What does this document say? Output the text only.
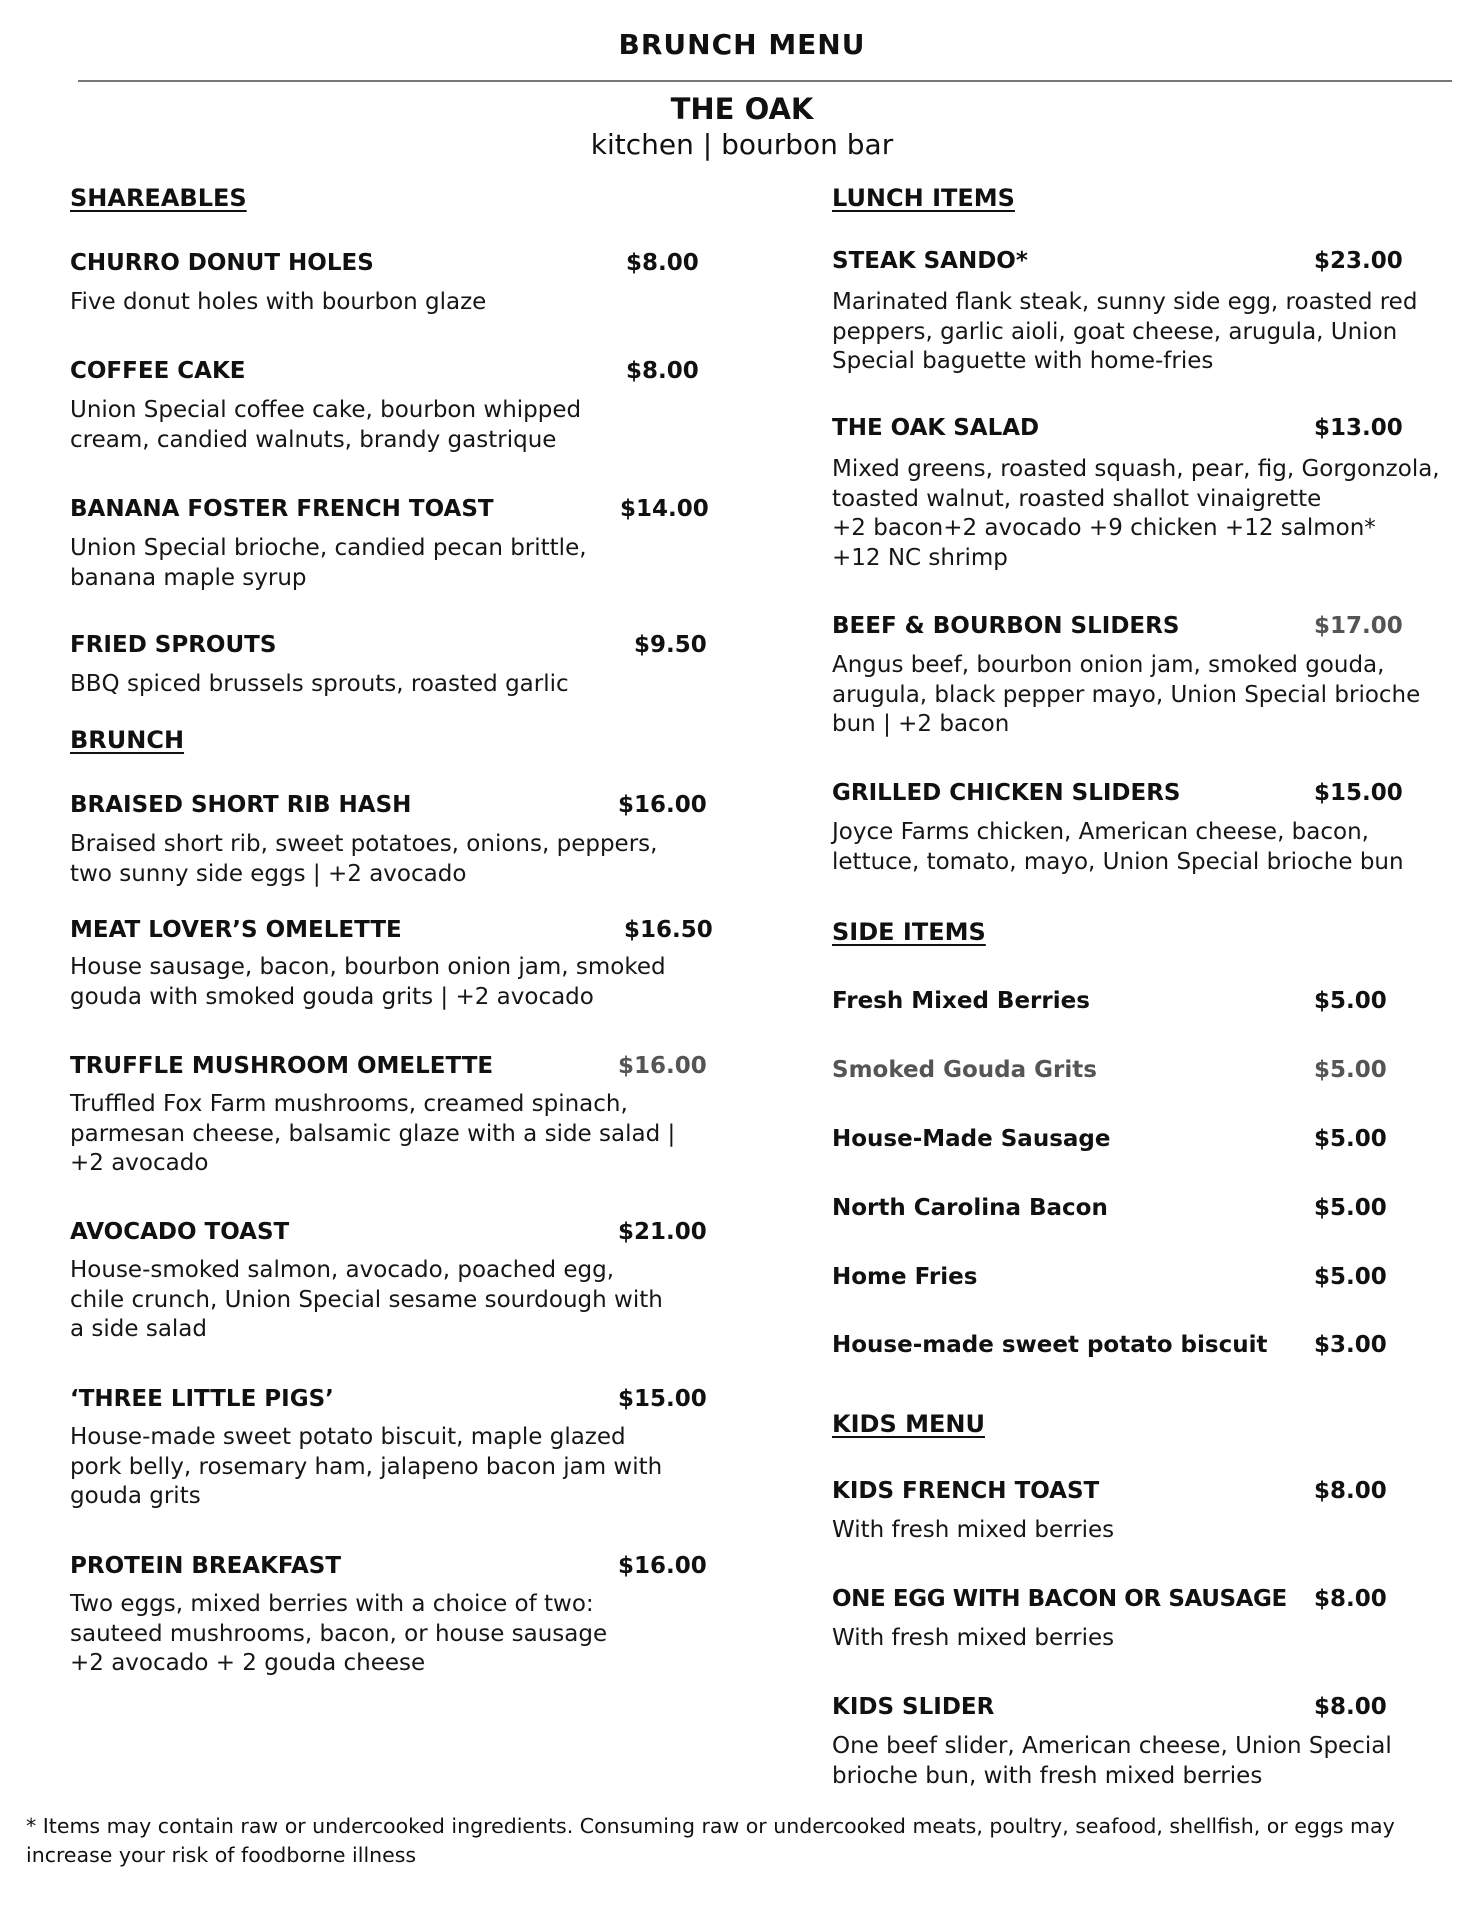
BRUNCH MENU
THE OAK

kitchen | bourbon bar

SHAREABLES

CHURRO DONUT HOLES	$8.00

Five donut holes with bourbon glaze

COFFEE CAKE	$8.00

Union Special coffee cake, bourbon whipped
cream, candied walnuts, brandy gastrique

BANANA FOSTER FRENCH TOAST	$14.00

Union Special brioche, candied pecan brittle,
banana maple syrup

FRIED SPROUTS	$9.50

BBQ spiced brussels sprouts, roasted garlic

BRUNCH

BRAISED SHORT RIB HASH	$16.00

Braised short rib, sweet potatoes, onions, peppers,
two sunny side eggs | +2 avocado

MEAT LOVER’S OMELETTE	$16.50

House sausage, bacon, bourbon onion jam, smoked
gouda with smoked gouda grits | +2 avocado

TRUFFLE MUSHROOM OMELETTE	$16.00

Truffled Fox Farm mushrooms, creamed spinach,
parmesan cheese, balsamic glaze with a side salad |
+2 avocado

AVOCADO TOAST	$21.00

House-smoked salmon, avocado, poached egg,
chile crunch, Union Special sesame sourdough with
a side salad

‘THREE LITTLE PIGS’	$15.00

House-made sweet potato biscuit, maple glazed
pork belly, rosemary ham, jalapeno bacon jam with
gouda grits

PROTEIN BREAKFAST	$16.00

Two eggs, mixed berries with a choice of two:
sauteed mushrooms, bacon, or house sausage
+2 avocado + 2 gouda cheese

LUNCH ITEMS

STEAK SANDO*	$23.00

Marinated flank steak, sunny side egg, roasted red
peppers, garlic aioli, goat cheese, arugula, Union
Special baguette with home-fries

THE OAK SALAD	$13.00

Mixed greens, roasted squash, pear, fig, Gorgonzola,
toasted walnut, roasted shallot vinaigrette
+2 bacon+2 avocado +9 chicken +12 salmon*
+12 NC shrimp

BEEF & BOURBON SLIDERS	$17.00

Angus beef, bourbon onion jam, smoked gouda,
arugula, black pepper mayo, Union Special brioche
bun | +2 bacon

GRILLED CHICKEN SLIDERS	$15.00

Joyce Farms chicken, American cheese, bacon,
lettuce, tomato, mayo, Union Special brioche bun

SIDE ITEMS

Fresh Mixed Berries	$5.00

Smoked Gouda Grits	$5.00

House-Made Sausage	$5.00

North Carolina Bacon	$5.00

Home Fries	$5.00

House-made sweet potato biscuit $3.00

KIDS MENU

KIDS FRENCH TOAST	$8.00

With fresh mixed berries

ONE EGG WITH BACON OR SAUSAGE $8.00

With fresh mixed berries

KIDS SLIDER	$8.00

One beef slider, American cheese, Union Special
brioche bun, with fresh mixed berries

* Items may contain raw or undercooked ingredients. Consuming raw or undercooked meats, poultry, seafood, shellfish, or eggs may increase your risk of foodborne illness
